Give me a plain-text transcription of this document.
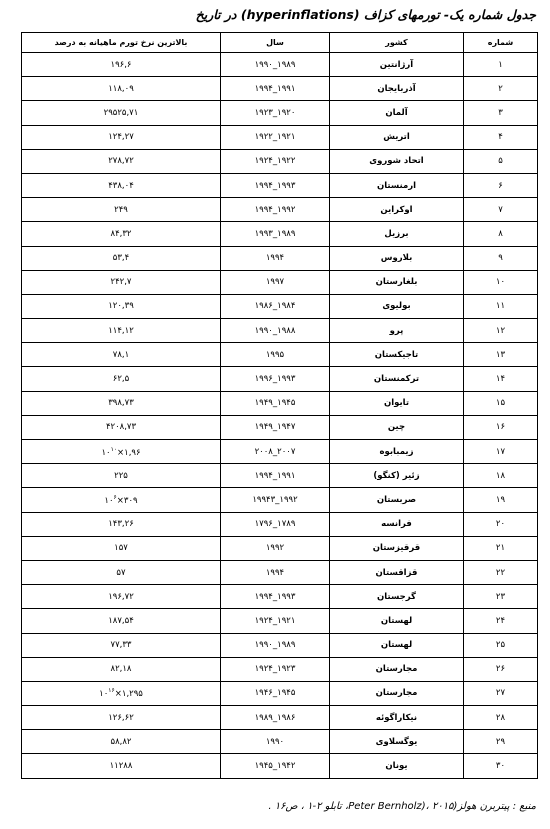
جدول شماره یک- تورمهای کزاف (hyperinflations) در تاریخ
شماره	کشور	سال	بالاترین نرخ تورم ماهیانه به درصد
۱	آرژانتین	۱۹۸۹_۱۹۹۰	۱۹۶,۶
۲	آذربایجان	۱۹۹۱_۱۹۹۴	۱۱۸,۰۹
۳	آلمان	۱۹۲۰_۱۹۲۳	۲۹۵۲۵,۷۱
۴	اتریش	۱۹۲۱_۱۹۲۲	۱۲۴,۲۷
۵	اتحاد شوروی	۱۹۲۲_۱۹۲۴	۲۷۸,۷۲
۶	ارمنستان	۱۹۹۳_۱۹۹۴	۴۳۸,۰۴
۷	اوکراین	۱۹۹۲_۱۹۹۴	۲۴۹
۸	برزیل	۱۹۸۹_۱۹۹۳	۸۴,۳۲
۹	بلاروس	۱۹۹۴	۵۳,۴
۱۰	بلغارستان	۱۹۹۷	۲۴۲,۷
۱۱	بولیوی	۱۹۸۴_۱۹۸۶	۱۲۰,۳۹
۱۲	پرو	۱۹۸۸_۱۹۹۰	۱۱۴,۱۲
۱۳	تاجیکستان	۱۹۹۵	۷۸,۱
۱۴	ترکمنستان	۱۹۹۳_۱۹۹۶	۶۲,۵
۱۵	تایوان	۱۹۴۵_۱۹۴۹	۳۹۸,۷۳
۱۶	چین	۱۹۴۷_۱۹۴۹	۴۲۰۸,۷۳
۱۷	زیمبابوه	۲۰۰۷_۲۰۰۸	$۱۰^{۱۰}\times ۱,۹۶$
۱۸	زئیر (کنگو)	۱۹۹۱_۱۹۹۴	۲۲۵
۱۹	صربستان	۱۹۹۲_۱۹۹۴۳	$۱۰^۶\times ۳۰۹$
۲۰	فرانسه	۱۷۸۹_۱۷۹۶	۱۴۳,۲۶
۲۱	قرقیزستان	۱۹۹۲	۱۵۷
۲۲	قزاقستان	۱۹۹۴	۵۷
۲۳	گرجستان	۱۹۹۳_۱۹۹۴	۱۹۶,۷۲
۲۴	لهستان	۱۹۲۱_۱۹۲۴	۱۸۷,۵۴
۲۵	لهستان	۱۹۸۹_۱۹۹۰	۷۷,۳۳
۲۶	مجارستان	۱۹۲۳_۱۹۲۴	۸۲,۱۸
۲۷	مجارستان	۱۹۴۵_۱۹۴۶	$۱۰^{۱۶}\times ۱,۲۹۵$
۲۸	نیکاراگوئه	۱۹۸۶_۱۹۸۹	۱۲۶,۶۲
۲۹	یوگسلاوی	۱۹۹۰	۵۸,۸۲
۳۰	یونان	۱۹۴۲_۱۹۴۵	۱۱۲۸۸
منبع : پیتربرن هولز(۲۰۱۵ ،(Peter Bernholz، تابلو ۲-۱ ، ص۱۶ .
